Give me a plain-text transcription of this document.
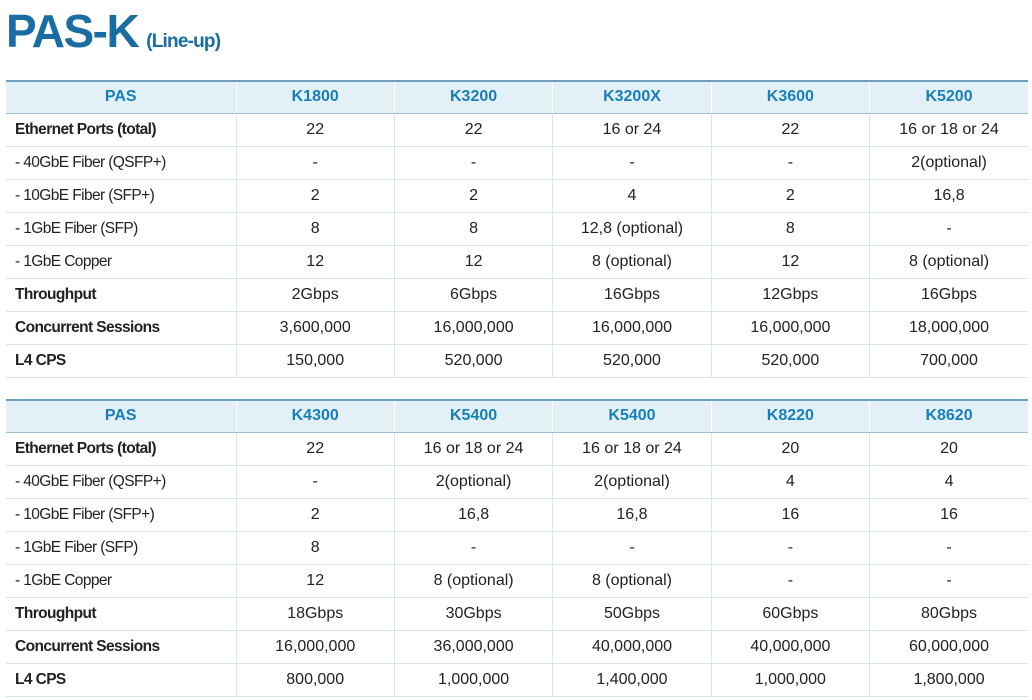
PAS-K (Line-up)
PAS	K1800	K3200	K3200X	K3600	K5200
Ethernet Ports (total)	22	22	16 or 24	22	16 or 18 or 24
- 40GbE Fiber (QSFP+)	-	-	-	-	2(optional)
- 10GbE Fiber (SFP+)	2	2	4	2	16,8
- 1GbE Fiber (SFP)	8	8	12,8 (optional)	8	-
- 1GbE Copper	12	12	8 (optional)	12	8 (optional)
Throughput	2Gbps	6Gbps	16Gbps	12Gbps	16Gbps
Concurrent Sessions	3,600,000	16,000,000	16,000,000	16,000,000	18,000,000
L4 CPS	150,000	520,000	520,000	520,000	700,000
PAS	K4300	K5400	K5400	K8220	K8620
Ethernet Ports (total)	22	16 or 18 or 24	16 or 18 or 24	20	20
- 40GbE Fiber (QSFP+)	-	2(optional)	2(optional)	4	4
- 10GbE Fiber (SFP+)	2	16,8	16,8	16	16
- 1GbE Fiber (SFP)	8	-	-	-	-
- 1GbE Copper	12	8 (optional)	8 (optional)	-	-
Throughput	18Gbps	30Gbps	50Gbps	60Gbps	80Gbps
Concurrent Sessions	16,000,000	36,000,000	40,000,000	40,000,000	60,000,000
L4 CPS	800,000	1,000,000	1,400,000	1,000,000	1,800,000
